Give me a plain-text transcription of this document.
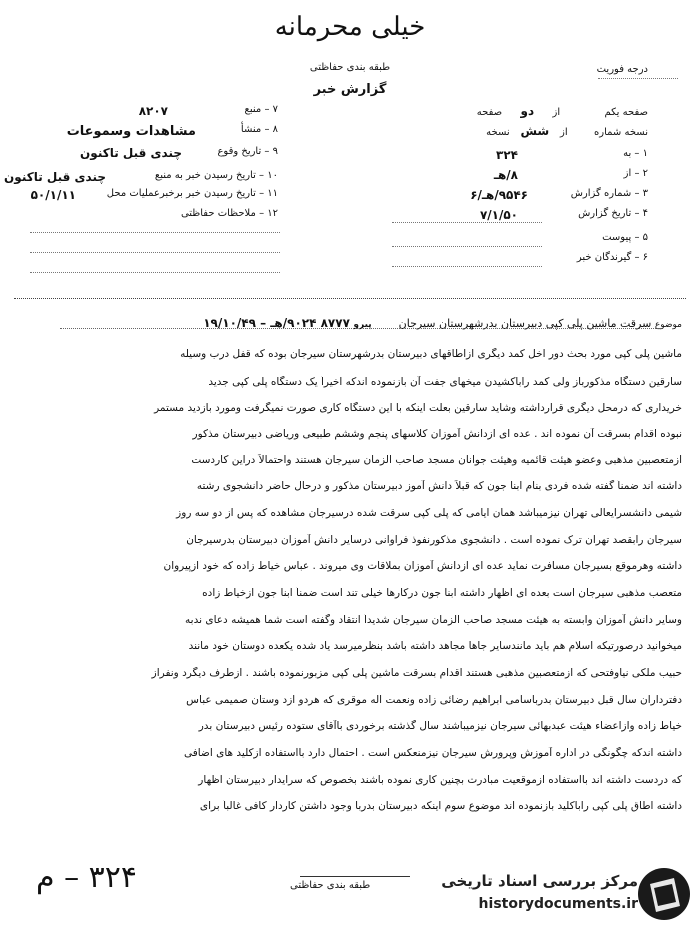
خیلی محرمانه
طبقه بندی حفاظتی
گزارش خبر
درجه فوریت
صفحه یکم  از دو صفحه
نسخه شماره  از شش نسخه
۱ – به
۳۲۴
۲ – از
۸/هـ
۳ – شماره گزارش
۹۵۴۶/هـ/۶
۴ – تاریخ گزارش
۷/۱/۵۰
۵ – پیوست
۶ – گیرندگان خبر
۷ – منبع
۸۲۰۷
۸ – منشأ
مشاهدات وسموعات
۹ – تاریخ وقوع
چندی قبل تاکنون
۱۰ – تاریخ رسیدن خبر به منبع
چندی قبل تاکنون
۱۱ – تاریخ رسیدن خبر برخبرعملیات محل
۵۰/۱/۱۱
۱۲ – ملاحظات حفاظتی
موضوع سرقت ماشین پلی کپی دبیرستان بدرشهرستان سیرجان  پیرو ۸۷۷۷ ۹۰۲۴/هـ – ۱۹/۱۰/۴۹
ماشین پلی کپی مورد بحث دور اخل کمد دیگری ازاطاقهای دبیرستان بدرشهرستان سیرجان بوده که قفل درب وسیله
سارقین دستگاه مذکورباز ولی کمد راباکشیدن میخهای جفت آن بازنموده اندکه اخیراً یک دستگاه پلی کپی جدید
خریداری که درمحل دیگری قرارداشته وشاید سارقین بعلت اینکه با این دستگاه کاری صورت نمیگرفت ومورد بازدید مستمر
نبوده اقدام بسرقت آن نموده اند . عده ای ازدانش آموزان کلاسهای پنجم وششم طبیعی وریاضی دبیرستان مذکور
ازمتعصبین مذهبی وعضو هیئت قائمیه وهیئت جوانان مسجد صاحب الزمان سیرجان هستند واحتمالاً دراین کاردست
داشته اند ضمناً گفته شده فردی بنام ابنا جون که قبلاً دانش آموز دبیرستان مذکور و درحال حاضر دانشجوی رشته
شیمی دانشسرایعالی تهران نیزمیباشد همان ایامی که پلی کپی سرقت شده درسیرجان مشاهده که پس از دو سه روز
سیرجان رابقصد تهران ترک نموده است . دانشجوی مذکورنفوذ فراوانی درسایر دانش آموزان دبیرستان بدرسیرجان
داشته وهرموقع بسیرجان مسافرت نماید عده ای ازدانش آموزان بملاقات وی میروند . عباس خیاط زاده که خود ازپیروان
متعصب مذهبی سیرجان است بعده ای اظهار داشته ابنا جون درکارها خیلی تند است ضمناً ابنا جون ازخیاط زاده
وسایر دانش آموزان وابسته به هیئت مسجد صاحب الزمان سیرجان شدیداً انتقاد وگفته است شما همیشه دعای ندبه
میخوانید درصورتیکه اسلام هم باید مانندسایر جاها مجاهد داشته باشد بنظرمیرسد یاد شده یکعده دوستان خود مانند
حبیب ملکی نیاوفتحی که ازمتعصبین مذهبی هستند اقدام بسرقت ماشین پلی کپی مزبورنموده باشند . ازطرف دیگرد ونفراز
دفترداران سال قبل دبیرستان بدرباسامی ابراهیم رضائی زاده ونعمت اله موقری که هردو ازد وستان صمیمی عباس
خیاط زاده وازاعضاء هیئت عبدبهائی سیرجان نیزمیباشند سال گذشته برخوردی باآقای ستوده رئیس دبیرستان بدر
داشته اندکه چگونگی در اداره آموزش وپرورش سیرجان نیزمنعکس است . احتمال دارد بااستفاده ازکلید های اضافی
که دردست داشته اند بااستفاده ازموقعیت مبادرت بچنین کاری نموده باشند بخصوص که سرایدار دبیرستان اظهار
داشته اطاق پلی کپی راباکلید بازنموده اند موضوع سوم اینکه دبیرستان بدربا وجود داشتن کاردار کافی غالباً برای
طبقه بندی حفاظتی
۳۲۴ – م	مرکز بررسی اسناد تاریخی
historydocuments.ir
